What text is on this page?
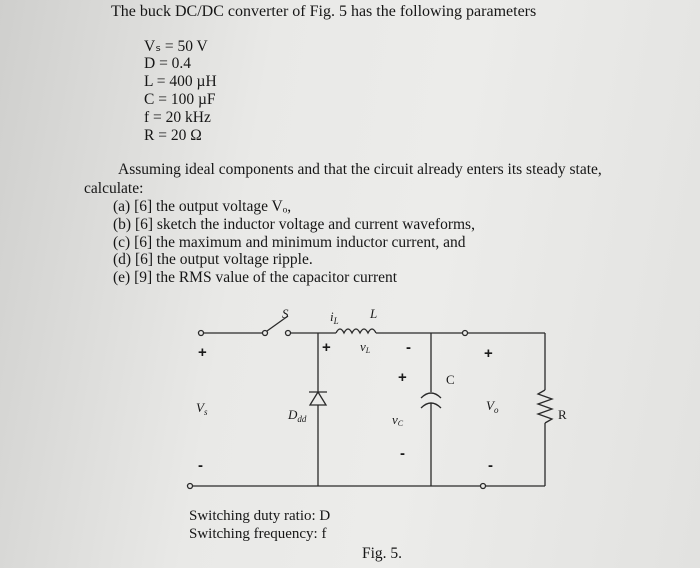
The buck DC/DC converter of Fig. 5 has the following parameters
Vₛ = 50 V
D = 0.4
L = 400 µH
C = 100 µF
f = 20 kHz
R = 20 Ω
Assuming ideal components and that the circuit already enters its steady state,
calculate:
(a) [6] the output voltage Vₒ,
(b) [6] sketch the inductor voltage and current waveforms,
(c) [6] the maximum and minimum inductor current, and
(d) [6] the output voltage ripple.
(e) [9] the RMS value of the capacitor current
S	$i_L$ L
+ vL -
+
$V_s$
-
$D_{dd}$
+	C
vC
-
+
$V_o$
-
R
Switching duty ratio: D
Switching frequency: f
Fig. 5.
